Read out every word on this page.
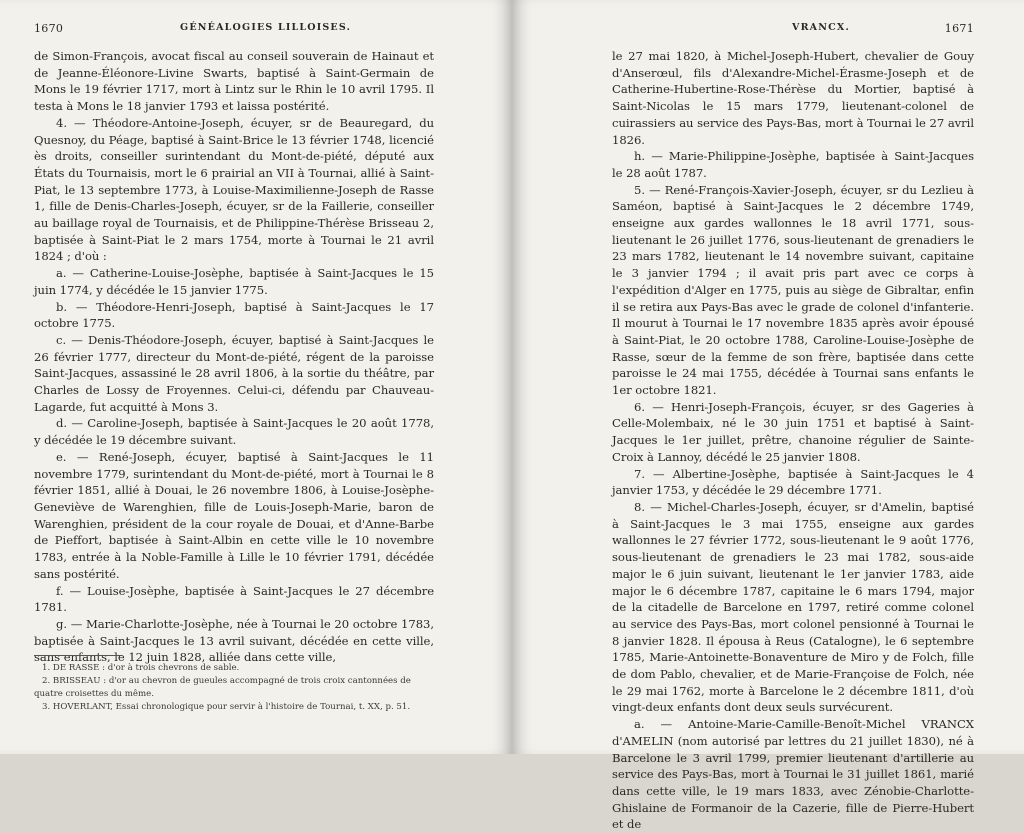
1670	GÉNÉALOGIES LILLOISES.

de Simon-François, avocat fiscal au conseil souverain de Hainaut et de Jeanne-Éléonore-Livine Swarts, baptisé à Saint-Germain de Mons le 19 février 1717, mort à Lintz sur le Rhin le 10 avril 1795. Il testa à Mons le 18 janvier 1793 et laissa postérité.

4. — Théodore-Antoine-Joseph, écuyer, sr de Beauregard, du Quesnoy, du Péage, baptisé à Saint-Brice le 13 février 1748, licencié ès droits, conseiller surintendant du Mont-de-piété, député aux États du Tournaisis, mort le 6 prairial an VII à Tournai, allié à Saint-Piat, le 13 septembre 1773, à Louise-Maximilienne-Joseph de Rasse 1, fille de Denis-Charles-Joseph, écuyer, sr de la Faillerie, conseiller au baillage royal de Tournaisis, et de Philippine-Thérèse Brisseau 2, baptisée à Saint-Piat le 2 mars 1754, morte à Tournai le 21 avril 1824 ; d'où :

a. — Catherine-Louise-Josèphe, baptisée à Saint-Jacques le 15 juin 1774, y décédée le 15 janvier 1775.

b. — Théodore-Henri-Joseph, baptisé à Saint-Jacques le 17 octobre 1775.

c. — Denis-Théodore-Joseph, écuyer, baptisé à Saint-Jacques le 26 février 1777, directeur du Mont-de-piété, régent de la paroisse Saint-Jacques, assassiné le 28 avril 1806, à la sortie du théâtre, par Charles de Lossy de Froyennes. Celui-ci, défendu par Chauveau-Lagarde, fut acquitté à Mons 3.

d. — Caroline-Joseph, baptisée à Saint-Jacques le 20 août 1778, y décédée le 19 décembre suivant.

e. — René-Joseph, écuyer, baptisé à Saint-Jacques le 11 novembre 1779, surintendant du Mont-de-piété, mort à Tournai le 8 février 1851, allié à Douai, le 26 novembre 1806, à Louise-Josèphe-Geneviève de Warenghien, fille de Louis-Joseph-Marie, baron de Warenghien, président de la cour royale de Douai, et d'Anne-Barbe de Pieffort, baptisée à Saint-Albin en cette ville le 10 novembre 1783, entrée à la Noble-Famille à Lille le 10 février 1791, décédée sans postérité.

f. — Louise-Josèphe, baptisée à Saint-Jacques le 27 décembre 1781.

g. — Marie-Charlotte-Josèphe, née à Tournai le 20 octobre 1783, baptisée à Saint-Jacques le 13 avril suivant, décédée en cette ville, sans enfants, le 12 juin 1828, alliée dans cette ville,

1. DE RASSE : d'or à trois chevrons de sable.

2. BRISSEAU : d'or au chevron de gueules accompagné de trois croix cantonnées de quatre croisettes du même.

3. HOVERLANT, Essai chronologique pour servir à l'histoire de Tournai, t. XX, p. 51.

VRANCX.	1671

le 27 mai 1820, à Michel-Joseph-Hubert, chevalier de Gouy d'Anserœul, fils d'Alexandre-Michel-Érasme-Joseph et de Catherine-Hubertine-Rose-Thérèse du Mortier, baptisé à Saint-Nicolas le 15 mars 1779, lieutenant-colonel de cuirassiers au service des Pays-Bas, mort à Tournai le 27 avril 1826.

h. — Marie-Philippine-Josèphe, baptisée à Saint-Jacques le 28 août 1787.

5. — René-François-Xavier-Joseph, écuyer, sr du Lezlieu à Saméon, baptisé à Saint-Jacques le 2 décembre 1749, enseigne aux gardes wallonnes le 18 avril 1771, sous-lieutenant le 26 juillet 1776, sous-lieutenant de grenadiers le 23 mars 1782, lieutenant le 14 novembre suivant, capitaine le 3 janvier 1794 ; il avait pris part avec ce corps à l'expédition d'Alger en 1775, puis au siège de Gibraltar, enfin il se retira aux Pays-Bas avec le grade de colonel d'infanterie. Il mourut à Tournai le 17 novembre 1835 après avoir épousé à Saint-Piat, le 20 octobre 1788, Caroline-Louise-Josèphe de Rasse, sœur de la femme de son frère, baptisée dans cette paroisse le 24 mai 1755, décédée à Tournai sans enfants le 1er octobre 1821.

6. — Henri-Joseph-François, écuyer, sr des Gageries à Celle-Molembaix, né le 30 juin 1751 et baptisé à Saint-Jacques le 1er juillet, prêtre, chanoine régulier de Sainte-Croix à Lannoy, décédé le 25 janvier 1808.

7. — Albertine-Josèphe, baptisée à Saint-Jacques le 4 janvier 1753, y décédée le 29 décembre 1771.

8. — Michel-Charles-Joseph, écuyer, sr d'Amelin, baptisé à Saint-Jacques le 3 mai 1755, enseigne aux gardes wallonnes le 27 février 1772, sous-lieutenant le 9 août 1776, sous-lieutenant de grenadiers le 23 mai 1782, sous-aide major le 6 juin suivant, lieutenant le 1er janvier 1783, aide major le 6 décembre 1787, capitaine le 6 mars 1794, major de la citadelle de Barcelone en 1797, retiré comme colonel au service des Pays-Bas, mort colonel pensionné à Tournai le 8 janvier 1828. Il épousa à Reus (Catalogne), le 6 septembre 1785, Marie-Antoinette-Bonaventure de Miro y de Folch, fille de dom Pablo, chevalier, et de Marie-Françoise de Folch, née le 29 mai 1762, morte à Barcelone le 2 décembre 1811, d'où vingt-deux enfants dont deux seuls survécurent.

a. — Antoine-Marie-Camille-Benoît-Michel VRANCX d'AMELIN (nom autorisé par lettres du 21 juillet 1830), né à Barcelone le 3 avril 1799, premier lieutenant d'artillerie au service des Pays-Bas, mort à Tournai le 31 juillet 1861, marié dans cette ville, le 19 mars 1833, avec Zénobie-Charlotte-Ghislaine de Formanoir de la Cazerie, fille de Pierre-Hubert et de
